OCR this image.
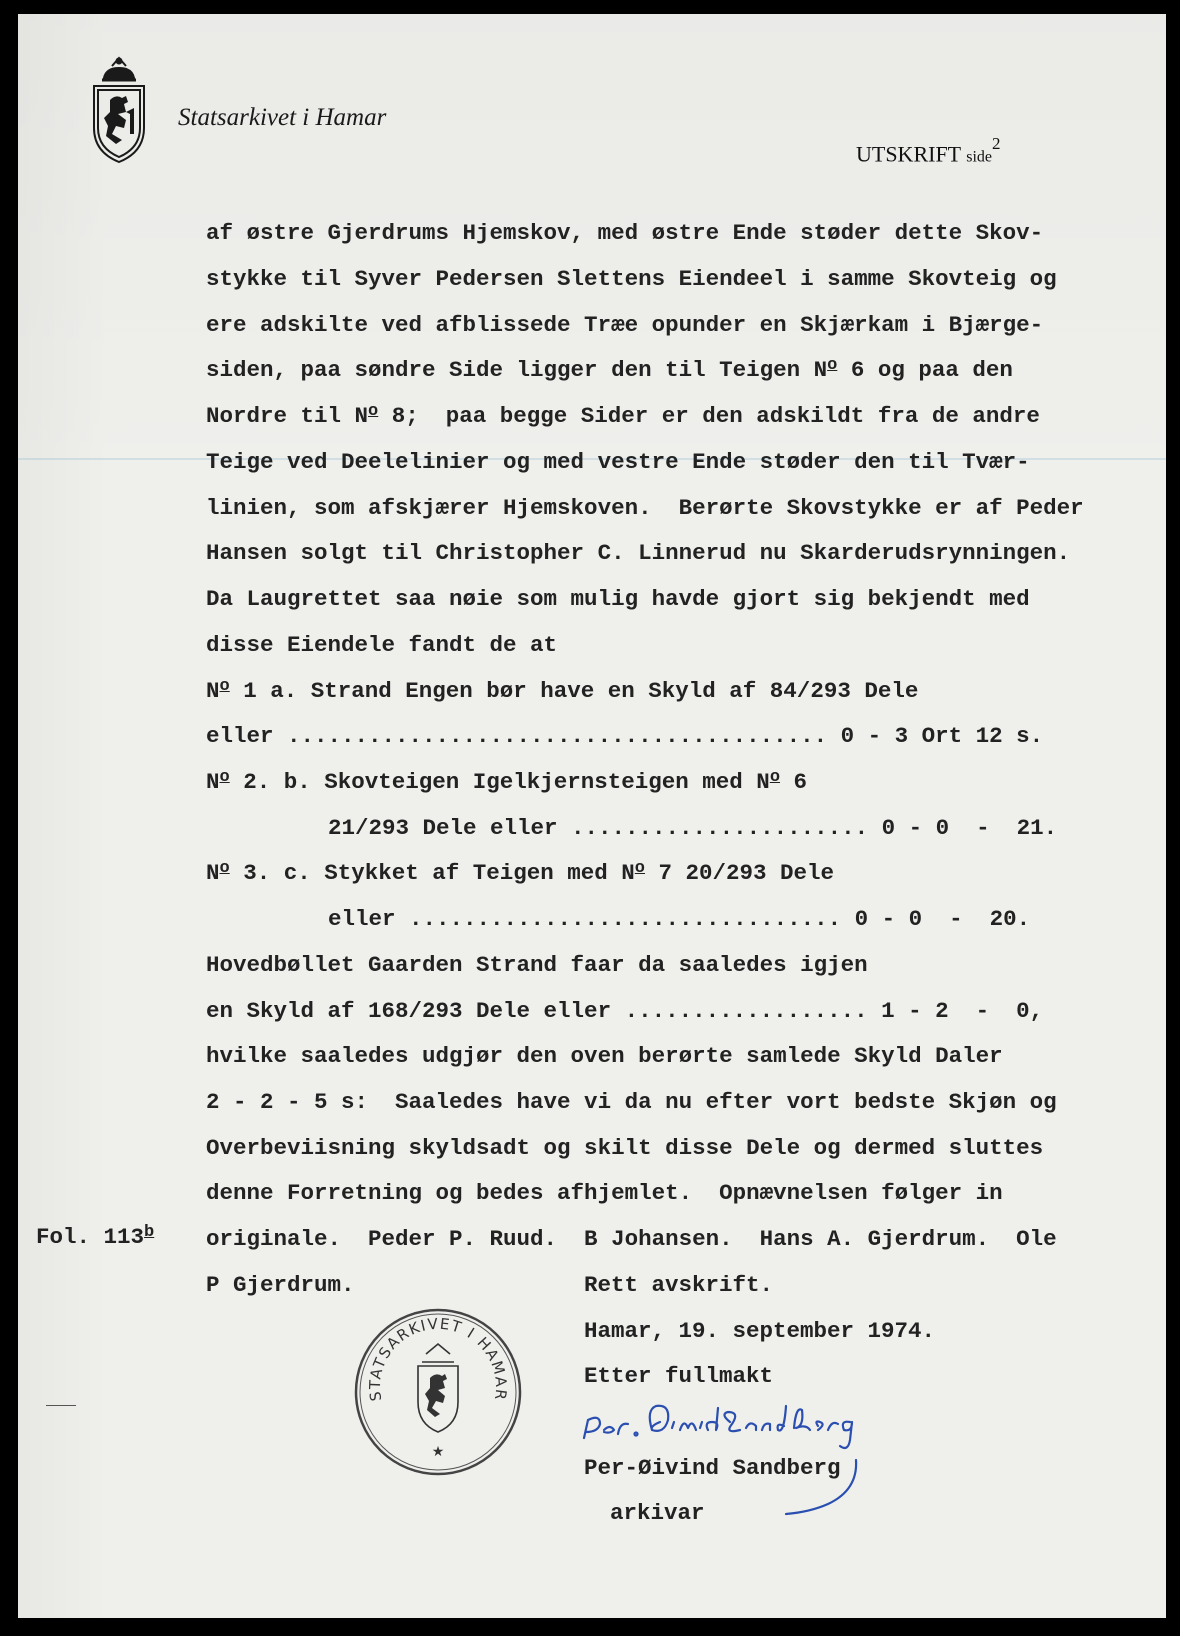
Statsarkivet i Hamar
UTSKRIFT side$^2$
af østre Gjerdrums Hjemskov, med østre Ende støder dette Skov-
stykke til Syver Pedersen Slettens Eiendeel i samme Skovteig og
ere adskilte ved afblissede Træe opunder en Skjærkam i Bjærge-
siden, paa søndre Side ligger den til Teigen $N^o$ 6 og paa den
Nordre til $N^o$ 8;  paa begge Sider er den adskildt fra de andre
Teige ved Deelelinier og med vestre Ende støder den til Tvær-
linien, som afskjærer Hjemskoven.  Berørte Skovstykke er af Peder
Hansen solgt til Christopher C. Linnerud nu Skarderudsrynningen.
Da Laugrettet saa nøie som mulig havde gjort sig bekjendt med
disse Eiendele fandt de at
$N^o$ 1 a. Strand Engen bør have en Skyld af 84/293 Dele
eller ........................................ 0 - 3 Ort 12 s.
$N^o$ 2. b. Skovteigen Igelkjernsteigen med $N^o$ 6
21/293 Dele eller ...................... 0 - 0  -  21.
$N^o$ 3. c. Stykket af Teigen med $N^o$ 7 20/293 Dele
eller ................................ 0 - 0  -  20.
Hovedbøllet Gaarden Strand faar da saaledes igjen
en Skyld af 168/293 Dele eller .................. 1 - 2  -  0,
hvilke saaledes udgjør den oven berørte samlede Skyld Daler
2 - 2 - 5 s:  Saaledes have vi da nu efter vort bedste Skjøn og
Overbeviisning skyldsadt og skilt disse Dele og dermed sluttes
denne Forretning og bedes afhjemlet.  Opnævnelsen følger in
originale.  Peder P. Ruud.  B Johansen.  Hans A. Gjerdrum.  Ole
P Gjerdrum.	Rett avskrift.
Hamar, 19. september 1974.
Etter fullmakt
Per-Øivind Sandberg
arkivar
Fol. 113$^b$
STATSARKIVET I HAMAR
★
